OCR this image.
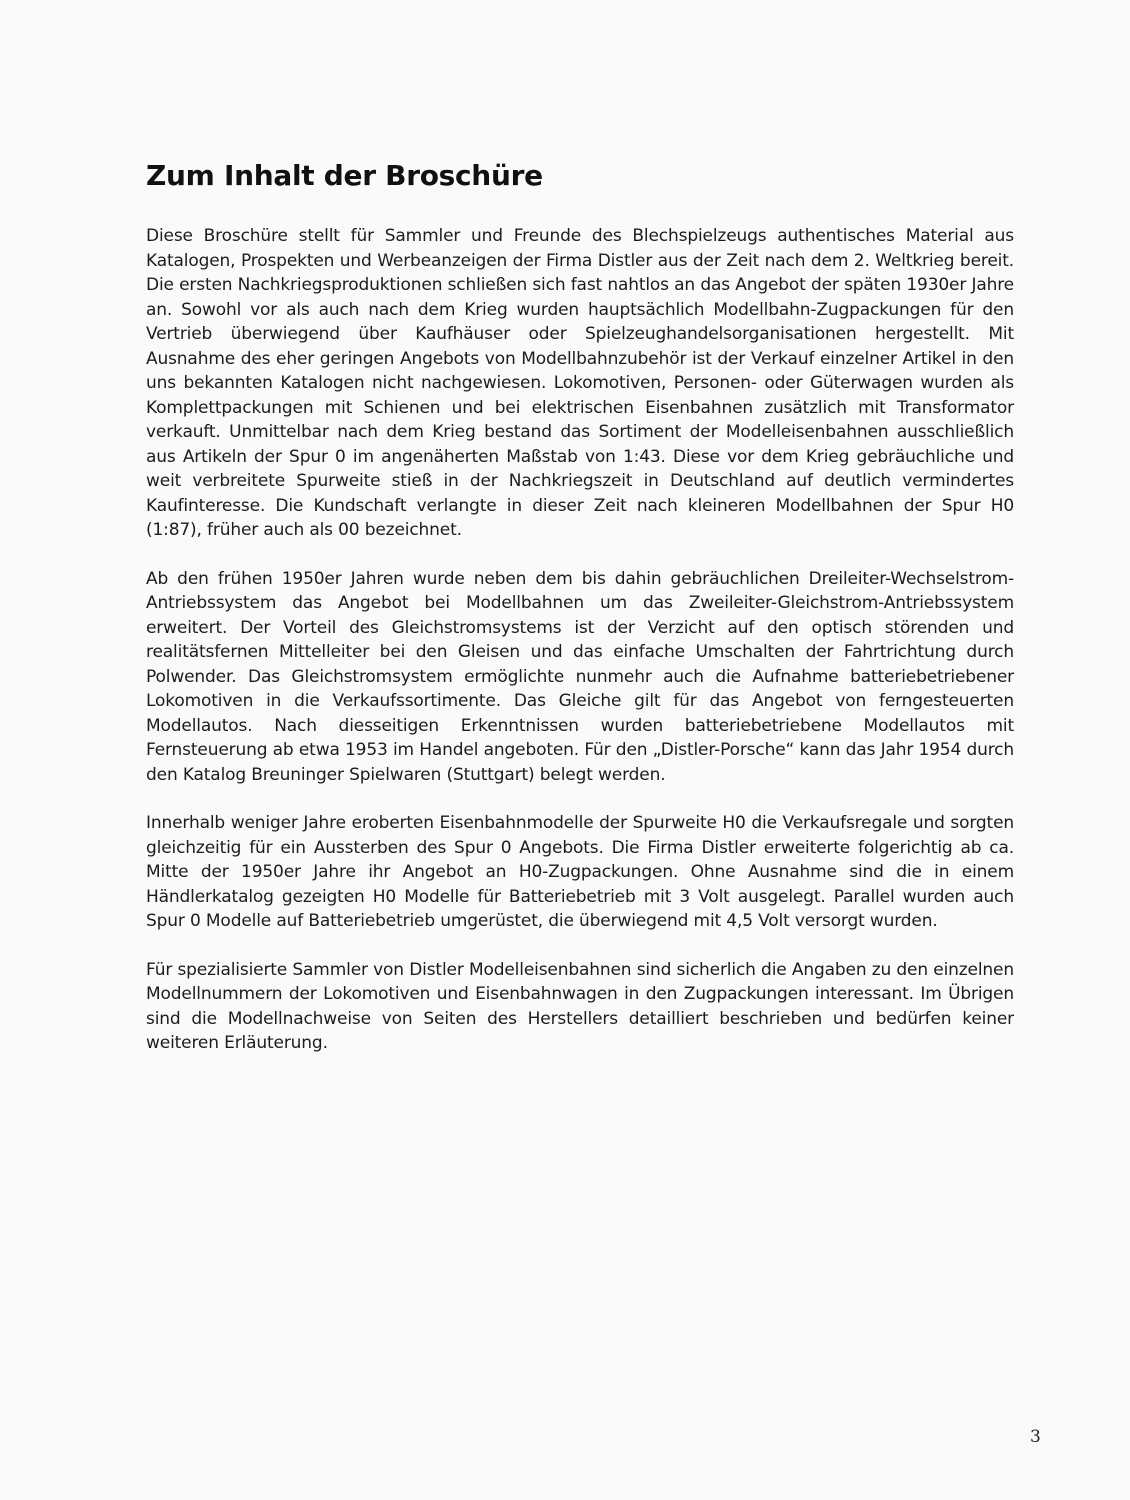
Zum Inhalt der Broschüre

Diese Broschüre stellt für Sammler und Freunde des Blechspielzeugs authentisches Material aus Katalogen, Prospekten und Werbeanzeigen der Firma Distler aus der Zeit nach dem 2. Weltkrieg bereit. Die ersten Nachkriegsproduktionen schließen sich fast nahtlos an das Angebot der späten 1930er Jahre an. Sowohl vor als auch nach dem Krieg wurden hauptsächlich Modellbahn-Zugpackungen für den Vertrieb überwiegend über Kaufhäuser oder Spielzeughandelsorganisationen hergestellt. Mit Ausnahme des eher geringen Angebots von Modellbahnzubehör ist der Verkauf einzelner Artikel in den uns bekannten Katalogen nicht nachgewiesen. Lokomotiven, Personen- oder Güterwagen wurden als Komplettpackungen mit Schienen und bei elektrischen Eisenbahnen zusätzlich mit Transformator verkauft. Unmittelbar nach dem Krieg bestand das Sortiment der Modelleisenbahnen ausschließlich aus Artikeln der Spur 0 im angenäherten Maßstab von 1:43. Diese vor dem Krieg gebräuchliche und weit verbreitete Spurweite stieß in der Nachkriegszeit in Deutschland auf deutlich vermindertes Kaufinteresse. Die Kundschaft verlangte in dieser Zeit nach kleineren Modellbahnen der Spur H0 (1:87), früher auch als 00 bezeichnet.

Ab den frühen 1950er Jahren wurde neben dem bis dahin gebräuchlichen Dreileiter-Wechselstrom-Antriebssystem das Angebot bei Modellbahnen um das Zweileiter-Gleichstrom-Antriebssystem erweitert. Der Vorteil des Gleichstromsystems ist der Verzicht auf den optisch störenden und realitätsfernen Mittelleiter bei den Gleisen und das einfache Umschalten der Fahrtrichtung durch Polwender. Das Gleichstromsystem ermöglichte nunmehr auch die Aufnahme batteriebetriebener Lokomotiven in die Verkaufssortimente. Das Gleiche gilt für das Angebot von ferngesteuerten Modellautos. Nach diesseitigen Erkenntnissen wurden batteriebetriebene Modellautos mit Fernsteuerung ab etwa 1953 im Handel angeboten. Für den „Distler-Porsche“ kann das Jahr 1954 durch den Katalog Breuninger Spielwaren (Stuttgart) belegt werden.

Innerhalb weniger Jahre eroberten Eisenbahnmodelle der Spurweite H0 die Verkaufsregale und sorgten gleichzeitig für ein Aussterben des Spur 0 Angebots. Die Firma Distler erweiterte folgerichtig ab ca. Mitte der 1950er Jahre ihr Angebot an H0-Zugpackungen. Ohne Ausnahme sind die in einem Händlerkatalog gezeigten H0 Modelle für Batteriebetrieb mit 3 Volt ausgelegt. Parallel wurden auch Spur 0 Modelle auf Batteriebetrieb umgerüstet, die überwiegend mit 4,5 Volt versorgt wurden.

Für spezialisierte Sammler von Distler Modelleisenbahnen sind sicherlich die Angaben zu den einzelnen Modellnummern der Lokomotiven und Eisenbahnwagen in den Zugpackungen interessant. Im Übrigen sind die Modellnachweise von Seiten des Herstellers detailliert beschrieben und bedürfen keiner weiteren Erläuterung.

3
